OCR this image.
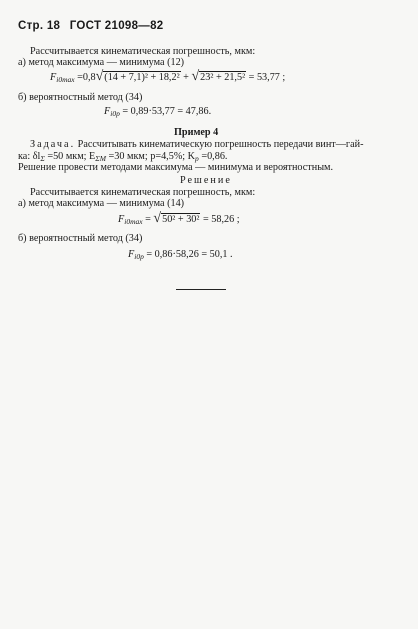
Стр. 18 ГОСТ 21098—82
Рассчитывается кинематическая погрешность, мкм:
а) метод максимума — минимума (12)
Fi0max =0,8√(14 + 7,1)² + 18,2² + √23² + 21,5² = 53,77 ;
б) вероятностный метод (34)
Fi0p = 0,89·53,77 = 47,86.
Пример 4
Задача. Рассчитывать кинематическую погрешность передачи винт—гай-
ка: δlΣ =50 мкм; EΣM =30 мкм; p=4,5%; Kp =0,86.
Решение провести методами максимума — минимума и вероятностным.
Решение
Рассчитывается кинематическая погрешность, мкм:
а) метод максимума — минимума (14)
Fi0max = √50² + 30² = 58,26 ;
б) вероятностный метод (34)
Fi0p = 0,86·58,26 = 50,1 .
